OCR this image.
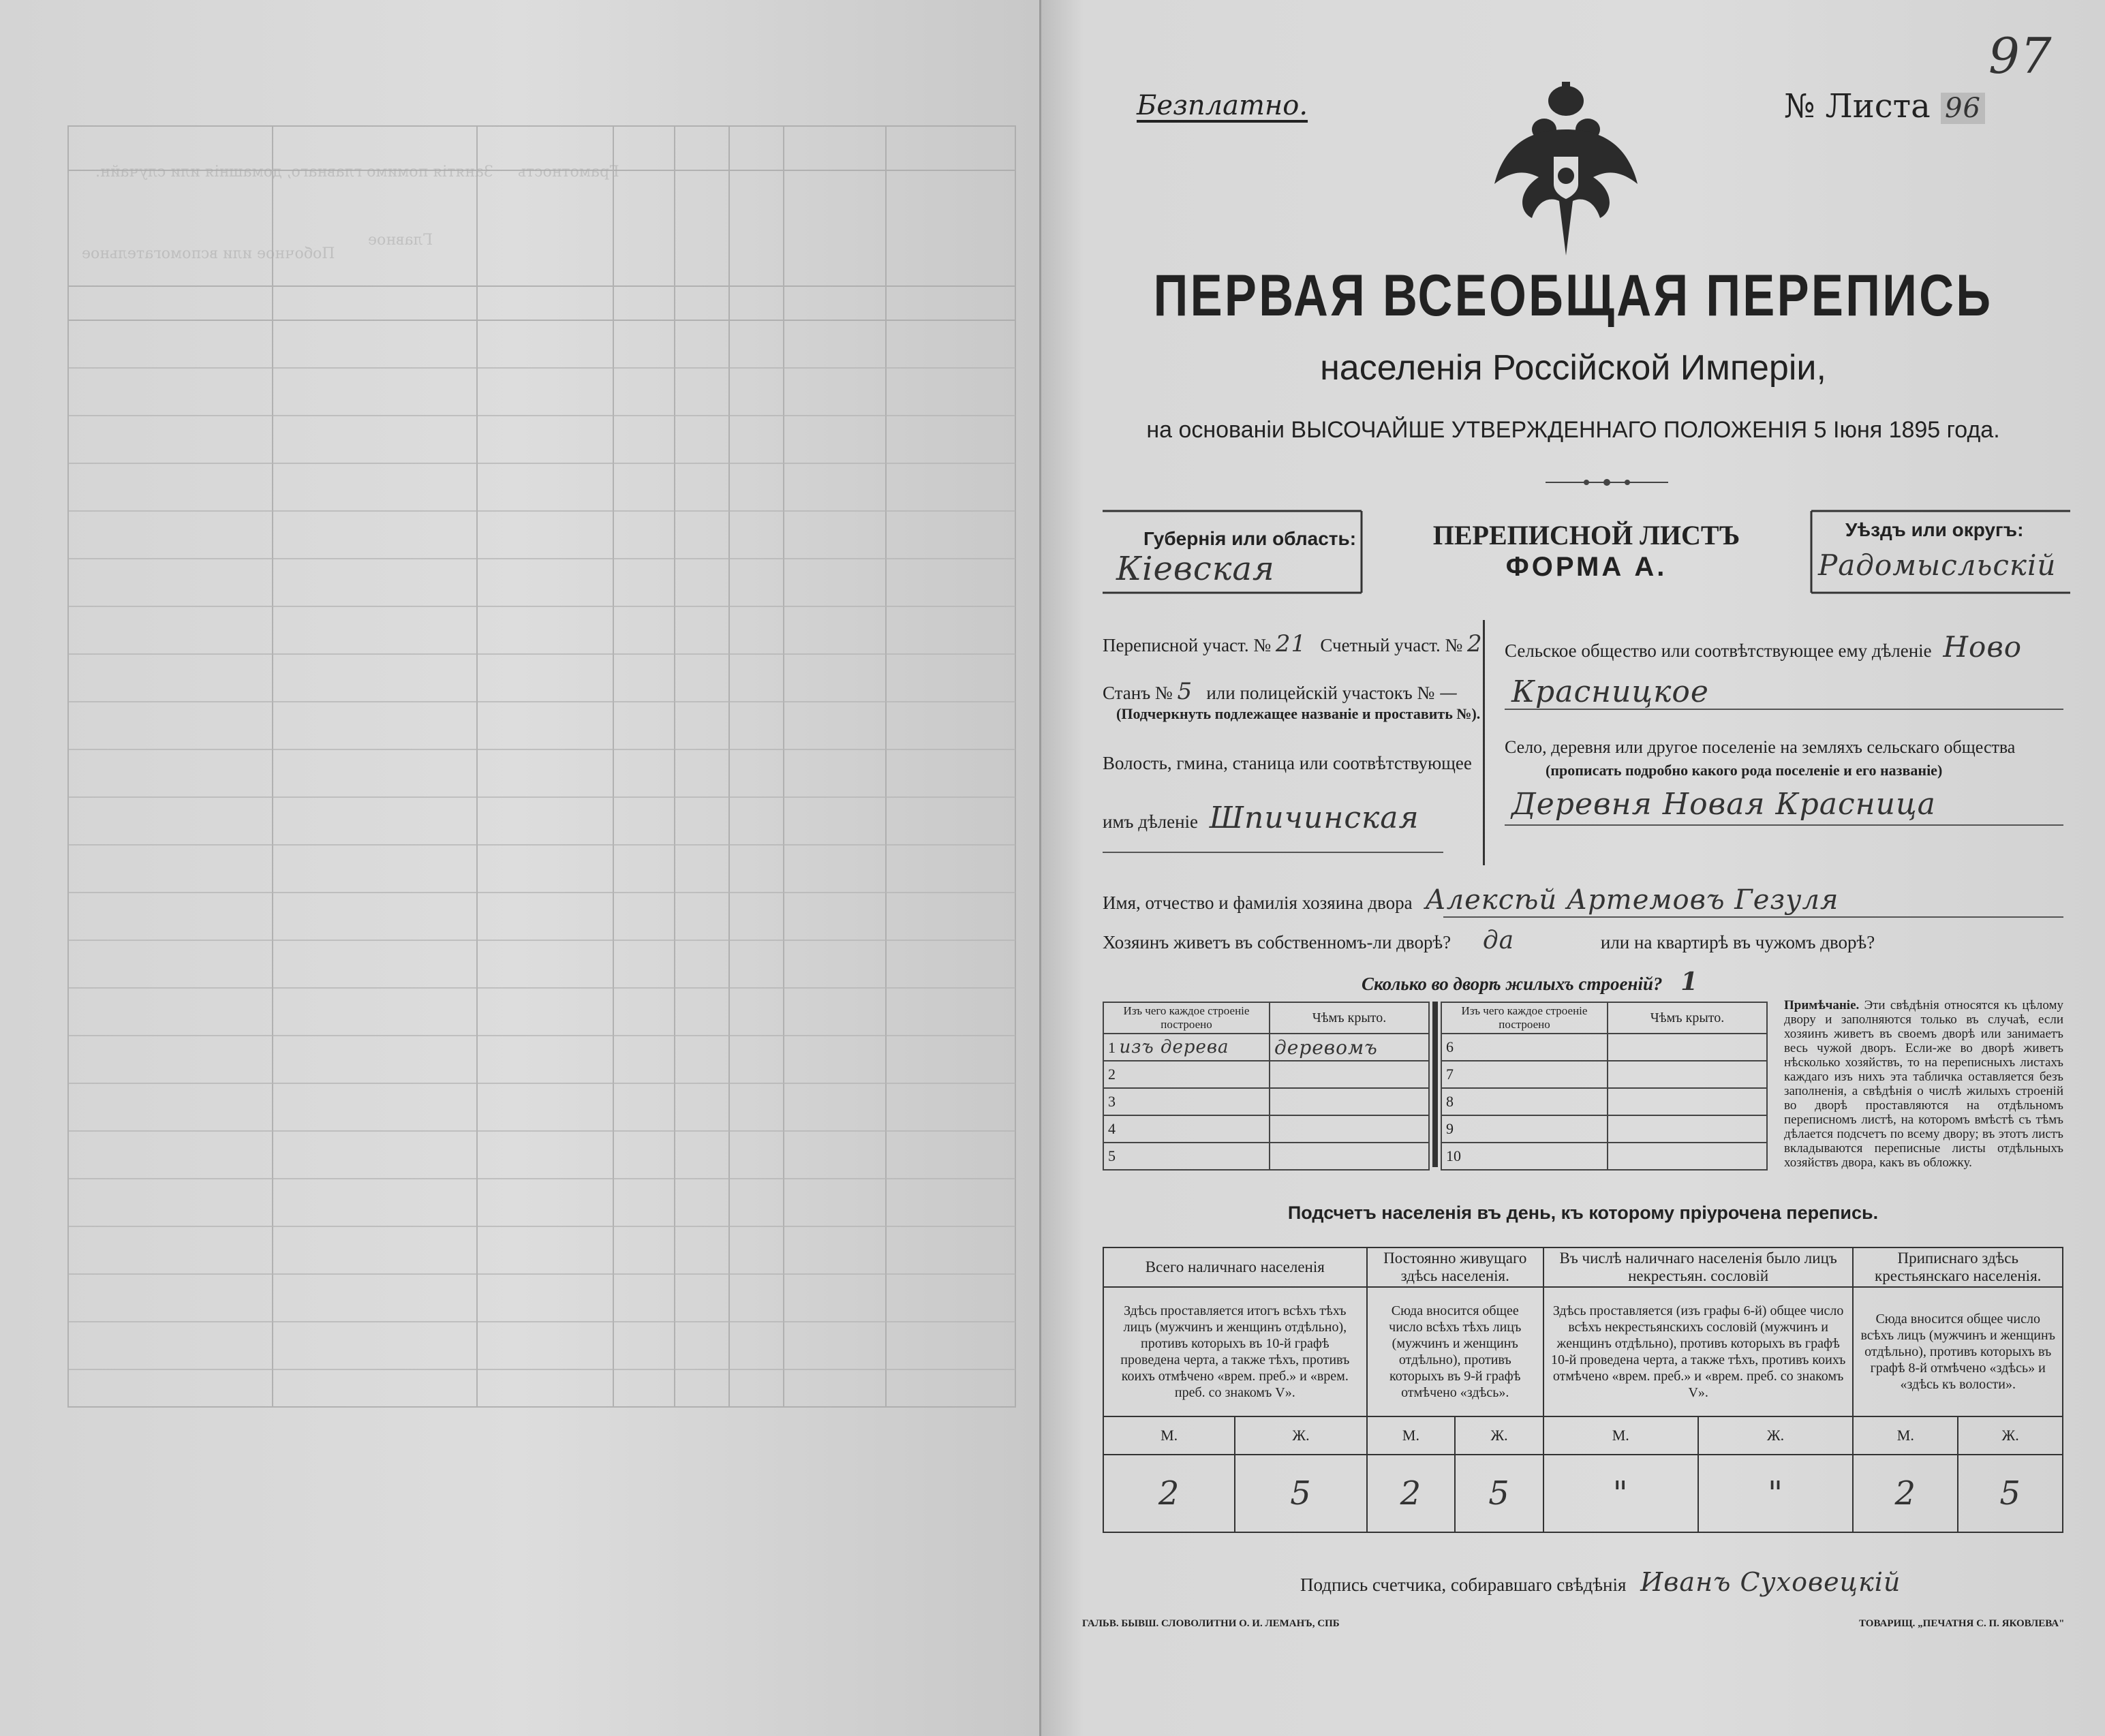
Занятія помимо главнаго, домашнія или случайн. Грамотность
Главное
Побочное или вспомогательное
Безплатно.	№ Листа 96
97
ПЕРВАЯ ВСЕОБЩАЯ ПЕРЕПИСЬ
населенія Россійской Имперіи,
на основаніи ВЫСОЧАЙШЕ УТВЕРЖДЕННАГО ПОЛОЖЕНІЯ 5 Іюня 1895 года.
Губернія или область:
Кіевская
ПЕРЕПИСНОЙ ЛИСТЪ
ФОРМА А.
Уѣздъ или округъ:
Радомысльскій
Переписной участ. № 21 Счетный участ. № 2
Станъ № 5 или полицейскій участокъ № —
(Подчеркнуть подлежащее названіе и проставить №).
Волость, гмина, станица или соотвѣтствующее
имъ дѣленіе Шпичинская
Сельское общество или соотвѣтствующее ему дѣленіе Ново
Красницкое
Село, деревня или другое поселеніе на земляхъ сельскаго общества
(прописать подробно какого рода поселеніе и его названіе)
Деревня Новая Красница
Имя, отчество и фамилія хозяина двора Алексѣй Артемовъ Гезуля
Хозяинъ живетъ въ собственномъ-ли дворѣ? да	или на квартирѣ въ чужомъ дворѣ?
Сколько во дворѣ жилыхъ строеній? 1
Изъ чего каждое строеніе построено	Чѣмъ крыто.
1 изъ дерева	деревомъ
2	
3	
4	
5	
Изъ чего каждое строеніе построено	Чѣмъ крыто.
6	
7	
8	
9	
10	
Примѣчаніе. Эти свѣдѣнія относятся къ цѣлому двору и заполняются только въ случаѣ, если хозяинъ живетъ въ своемъ дворѣ или занимаетъ весь чужой дворъ. Если-же во дворѣ живетъ нѣсколько хозяйствъ, то на переписныхъ листахъ каждаго изъ нихъ эта табличка оставляется безъ заполненія, а свѣдѣнія о числѣ жилыхъ строеній во дворѣ проставляются на отдѣльномъ переписномъ листѣ, на которомъ вмѣстѣ съ тѣмъ дѣлается подсчетъ по всему двору; въ этотъ листъ вкладываются переписные листы отдѣльныхъ хозяйствъ двора, какъ въ обложку.
Подсчетъ населенія въ день, къ которому пріурочена перепись.
Всего наличнаго населенія		Постоянно живущаго здѣсь населенія.		Въ числѣ наличнаго населенія было лицъ некрестьян. сословій		Приписнаго здѣсь крестьянскаго населенія.	
Здѣсь проставляется итогъ всѣхъ тѣхъ лицъ (мужчинъ и женщинъ отдѣльно), противъ которыхъ въ 10-й графѣ проведена черта, а также тѣхъ, противъ коихъ отмѣчено «врем. преб.» и «врем. преб. со знакомъ V».		Сюда вносится общее число всѣхъ тѣхъ лицъ (мужчинъ и женщинъ отдѣльно), противъ которыхъ въ 9-й графѣ отмѣчено «здѣсь».		Здѣсь проставляется (изъ графы 6-й) общее число всѣхъ некрестьянскихъ сословій (мужчинъ и женщинъ отдѣльно), противъ которыхъ въ графѣ 10-й проведена черта, а также тѣхъ, противъ коихъ отмѣчено «врем. преб.» и «врем. преб. со знакомъ V».		Сюда вносится общее число всѣхъ лицъ (мужчинъ и женщинъ отдѣльно), противъ которыхъ въ графѣ 8-й отмѣчено «здѣсь» и «здѣсь къ волости».	
М.	Ж.	М.	Ж.	М.	Ж.	М.	Ж.
2	5	2	5	"	"	2	5
Подпись счетчика, собиравшаго свѣдѣнія Иванъ Суховецкій
ГАЛЬВ. БЫВШ. СЛОВОЛИТНИ О. И. ЛЕМАНЪ, СПБ	ТОВАРИЩ. „ПЕЧАТНЯ С. П. ЯКОВЛЕВА"
